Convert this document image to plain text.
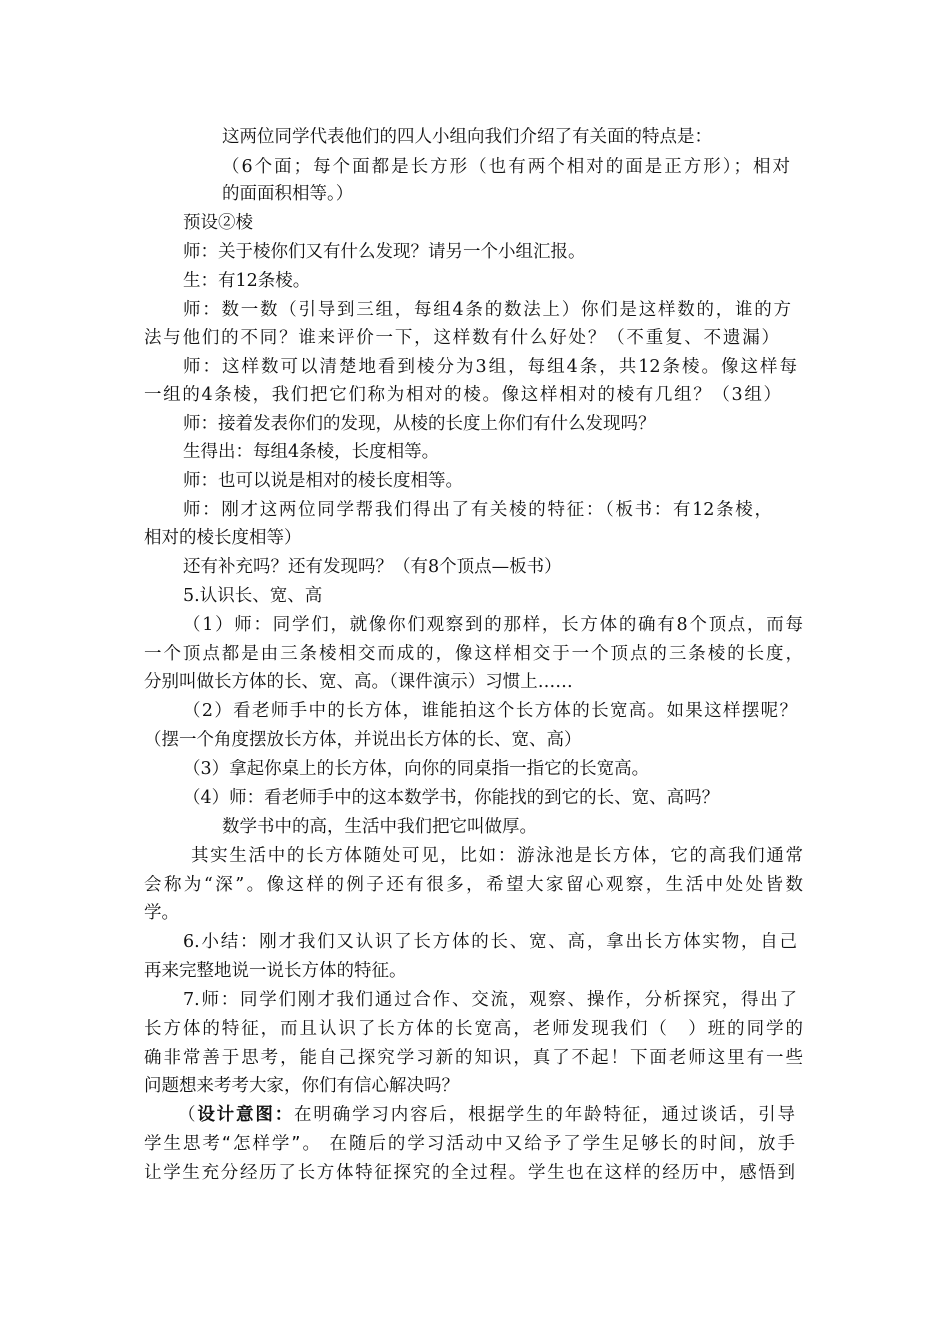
这两位同学代表他们的四人小组向我们介绍了有关面的特点是：
（6个面；每个面都是长方形（也有两个相对的面是正方形）；相对
的面面积相等。）
预设②棱
师：关于棱你们又有什么发现？请另一个小组汇报。
生：有12条棱。
师：数一数（引导到三组，每组4条的数法上）你们是这样数的，谁的方
法与他们的不同？谁来评价一下，这样数有什么好处？（不重复、不遗漏）
师：这样数可以清楚地看到棱分为3组，每组4条，共12条棱。像这样每
一组的4条棱，我们把它们称为相对的棱。像这样相对的棱有几组？（3组）
师：接着发表你们的发现，从棱的长度上你们有什么发现吗？
生得出：每组4条棱，长度相等。
师：也可以说是相对的棱长度相等。
师：刚才这两位同学帮我们得出了有关棱的特征：（板书：有12条棱，
相对的棱长度相等）
还有补充吗？还有发现吗？（有8个顶点—板书）
5.认识长、宽、高
（1）师：同学们，就像你们观察到的那样，长方体的确有8个顶点，而每
一个顶点都是由三条棱相交而成的，像这样相交于一个顶点的三条棱的长度，
分别叫做长方体的长、宽、高。（课件演示）习惯上……
（2）看老师手中的长方体，谁能拍这个长方体的长宽高。如果这样摆呢？
（摆一个角度摆放长方体，并说出长方体的长、宽、高）
（3）拿起你桌上的长方体，向你的同桌指一指它的长宽高。
（4）师：看老师手中的这本数学书，你能找的到它的长、宽、高吗？
数学书中的高，生活中我们把它叫做厚。
其实生活中的长方体随处可见，比如：游泳池是长方体，它的高我们通常
会称为“深”。像这样的例子还有很多，希望大家留心观察，生活中处处皆数
学。
6.小结：刚才我们又认识了长方体的长、宽、高，拿出长方体实物，自己
再来完整地说一说长方体的特征。
7.师：同学们刚才我们通过合作、交流，观察、操作，分析探究，得出了
长方体的特征，而且认识了长方体的长宽高，老师发现我们（　）班的同学的
确非常善于思考，能自己探究学习新的知识，真了不起！下面老师这里有一些
问题想来考考大家，你们有信心解决吗？
（设计意图：在明确学习内容后，根据学生的年龄特征，通过谈话，引导
学生思考“怎样学”。 在随后的学习活动中又给予了学生足够长的时间，放手
让学生充分经历了长方体特征探究的全过程。学生也在这样的经历中，感悟到
